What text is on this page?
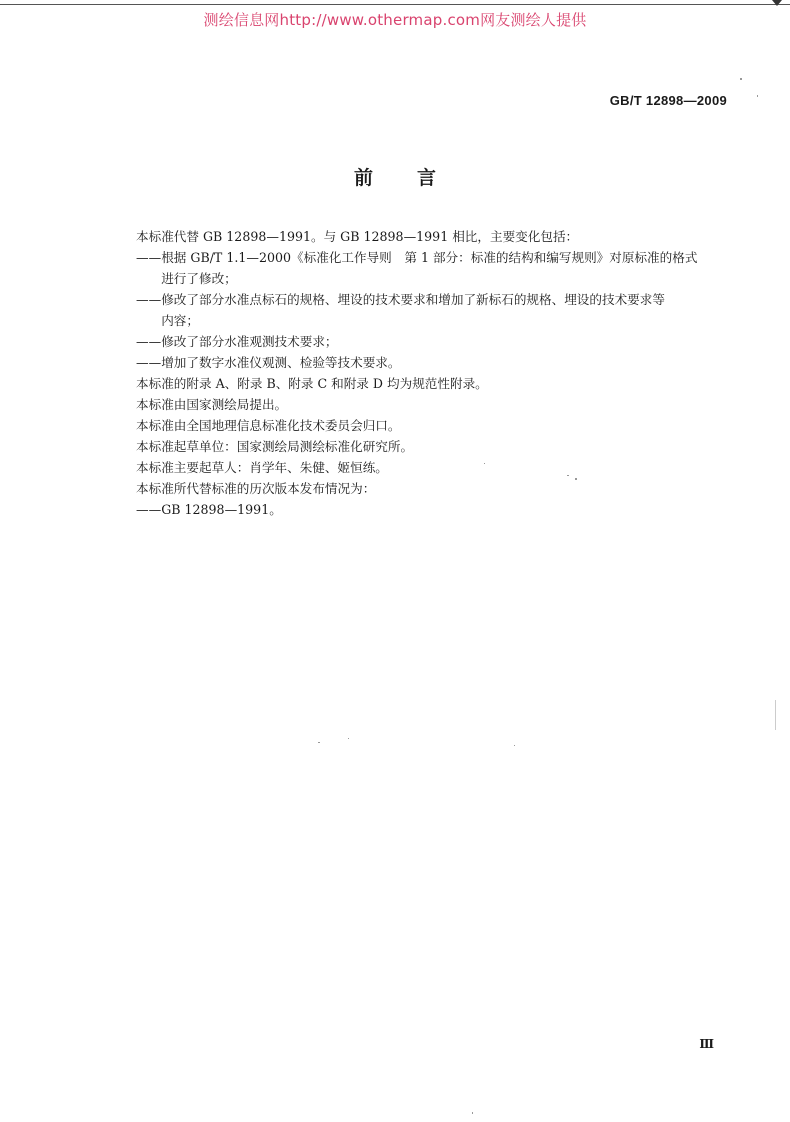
测绘信息网http://www.othermap.com网友测绘人提供
GB/T 12898—2009
前言
本标准代替 GB 12898—1991。与 GB 12898—1991 相比，主要变化包括：
—— 根据 GB/T 1.1—2000《标准化工作导则　第 1 部分：标准的结构和编写规则》对原标准的格式
进行了修改；
—— 修改了部分水准点标石的规格、埋设的技术要求和增加了新标石的规格、埋设的技术要求等
内容；
—— 修改了部分水准观测技术要求；
—— 增加了数字水准仪观测、检验等技术要求。
本标准的附录 A、附录 B、附录 C 和附录 D 均为规范性附录。
本标准由国家测绘局提出。
本标准由全国地理信息标准化技术委员会归口。
本标准起草单位：国家测绘局测绘标准化研究所。
本标准主要起草人：肖学年、朱健、姬恒练。
本标准所代替标准的历次版本发布情况为：
—— GB 12898—1991。
Ⅲ
